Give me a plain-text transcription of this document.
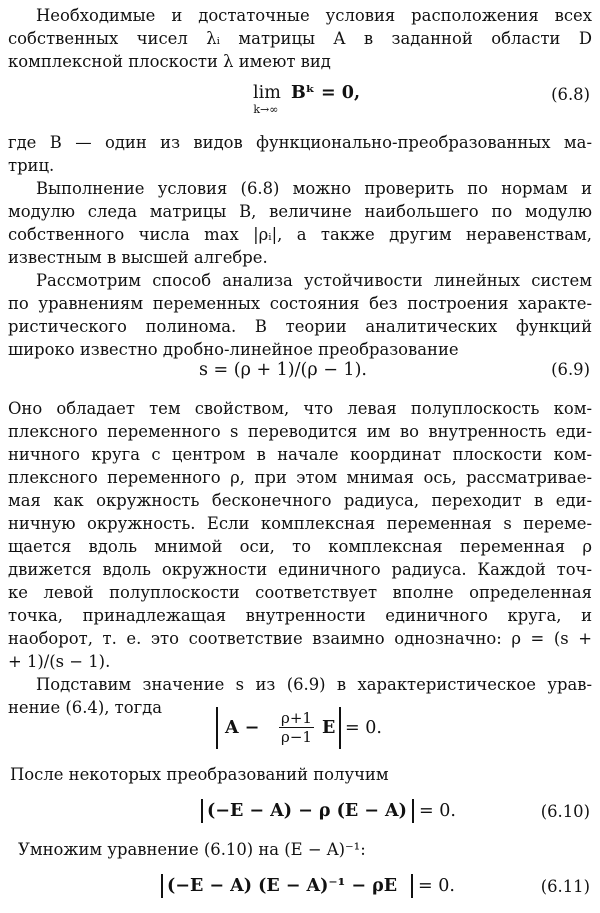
Необходимые и достаточные условия расположения всех
собственных чисел λᵢ матрицы A в заданной области D
комплексной плоскости λ имеют вид
lim
k→∞
Bᵏ = 0,	(6.8)
где B — один из видов функционально-преобразованных ма-
триц.
Выполнение условия (6.8) можно проверить по нормам и
модулю следа матрицы B, величине наибольшего по модулю
собственного числа max |ρᵢ|, а также другим неравенствам,
известным в высшей алгебре.
Рассмотрим способ анализа устойчивости линейных систем
по уравнениям переменных состояния без построения характе-
ристического полинома. В теории аналитических функций
широко известно дробно-линейное преобразование
s = (ρ + 1)/(ρ − 1).	(6.9)
Оно обладает тем свойством, что левая полуплоскость ком-
плексного переменного s переводится им во внутренность еди-
ничного круга с центром в начале координат плоскости ком-
плексного переменного ρ, при этом мнимая ось, рассматривае-
мая как окружность бесконечного радиуса, переходит в еди-
ничную окружность. Если комплексная переменная s переме-
щается вдоль мнимой оси, то комплексная переменная ρ
движется вдоль окружности единичного радиуса. Каждой точ-
ке левой полуплоскости соответствует вполне определенная
точка, принадлежащая внутренности единичного круга, и
наоборот, т. е. это соответствие взаимно однозначно: ρ = (s +
+ 1)/(s − 1).
Подставим значение s из (6.9) в характеристическое урав-
нение (6.4), тогда
$A - \frac{\rho+1}{\rho-1}$ E = 0.
После некоторых преобразований получим
(−E − A) − ρ (E − A) = 0.	(6.10)
Умножим уравнение (6.10) на (E − A)⁻¹:
(−E − A) (E − A)⁻¹ − ρE = 0.	(6.11)
